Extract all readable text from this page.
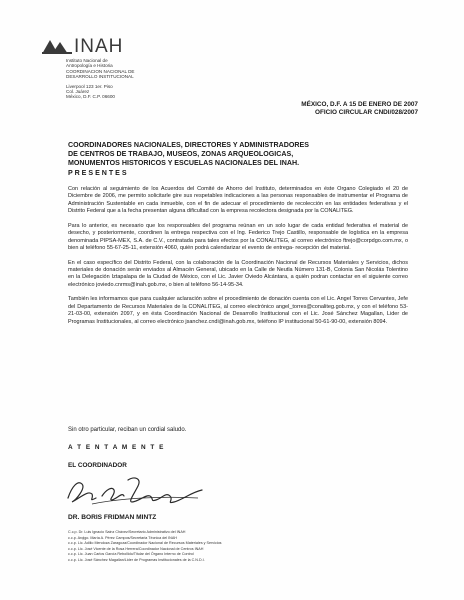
INAH
Instituto Nacional de
Antropología e Historia
COORDINACION NACIONAL DE
DESARROLLO INSTITUCIONAL
Liverpool 123 1er. Piso
Col. Juárez
México, D.F. C.P. 06600
MÉXICO, D.F. A 15 DE ENERO DE 2007
OFICIO CIRCULAR CNDI/028/2007
COORDINADORES NACIONALES, DIRECTORES Y ADMINISTRADORES
DE CENTROS DE TRABAJO, MUSEOS, ZONAS ARQUEOLOGICAS,
MONUMENTOS HISTORICOS Y ESCUELAS NACIONALES DEL INAH.
P R E S E N T E S

Con relación al seguimiento de los Acuerdos del Comité de Ahorro del Instituto, determinados en éste Organo Colegiado el 20 de Diciembre de 2006, me permito solicitarle gire sus respetables indicaciones a las personas responsables de instrumentar el Programa de Administración Sustentable en cada inmueble, con el fin de adecuar el procedimiento de recolección en las entidades federativas y el Distrito Federal que a la fecha presentan alguna dificultad con la empresa recolectora designada por la CONALITEG.

Para lo anterior, es necesario que los responsables del programa reúnan en un solo lugar de cada entidad federativa el material de desecho, y posteriormente, coordinen la entrega respectiva con el Ing. Federico Trejo Castillo, responsable de logística en la empresa denominada PIPSA-MEX, S.A. de C.V., contratada para tales efectos por la CONALITEG, al correo electrónico ftrejo@corpdgo.com.mx, o bien al teléfono 55-67-25-11, extensión 4060, quién podrá calendarizar el evento de entrega- recepción del material.

En el caso específico del Distrito Federal, con la colaboración de la Coordinación Nacional de Recursos Materiales y Servicios, dichos materiales de donación serán enviados al Almacén General, ubicado en la Calle de Neutla Número 131-B, Colonia San Nicolás Tolentino en la Delegación Iztapalapa de la Ciudad de México, con el Lic. Javier Oviedo Alcántara, a quién podran contactar en el siguiente correo electrónico joviedo.cnrms@inah.gob.mx, o bien al teléfono 56-14-95-34.

También les informamos que para cualquier aclaración sobre el procedimiento de donación cuenta con el Lic. Angel Torres Cervantes, Jefe del Departamento de Recursos Materiales de la CONALITEG, al correo electrónico angel_torres@conaliteg.gob.mx, y con el teléfono 53-21-03-00, extensión 2097, y en ésta Coordinación Nacional de Desarrollo Institucional con el Lic. José Sánchez Magallan, Lider de Programas Institucionales, al correo electrónico jsanchez.cndi@inah.gob.mx, teléfono IP institucional 50-61-90-00, extensión 8094.

Sin otro particular, reciban un cordial saludo.
A T E N T A M E N T E
EL COORDINADOR
DR. BORIS FRIDMAN MINTZ
C.c.p. Dr. Luis Ignacio Sainz Chávez/Secretario Administrativo del INAH
c.c.p. Arqlgo. María A. Pérez Campos/Secretaria Técnica del INAH
c.c.p. Lic. Adilio Mendoza Zaragoza/Coordinador Nacional de Recursos Materiales y Servicios
c.c.p. Lic. José Vicente de la Rosa Herrera/Coordinador Nacional de Centros INAH
c.c.p. Lic. Juan Carlos García Rebollido/Titular del Órgano Interno de Control
c.c.p. Lic. José Sánchez Magallan/Lider de Programas Institucionales de la C.N.D.I.
